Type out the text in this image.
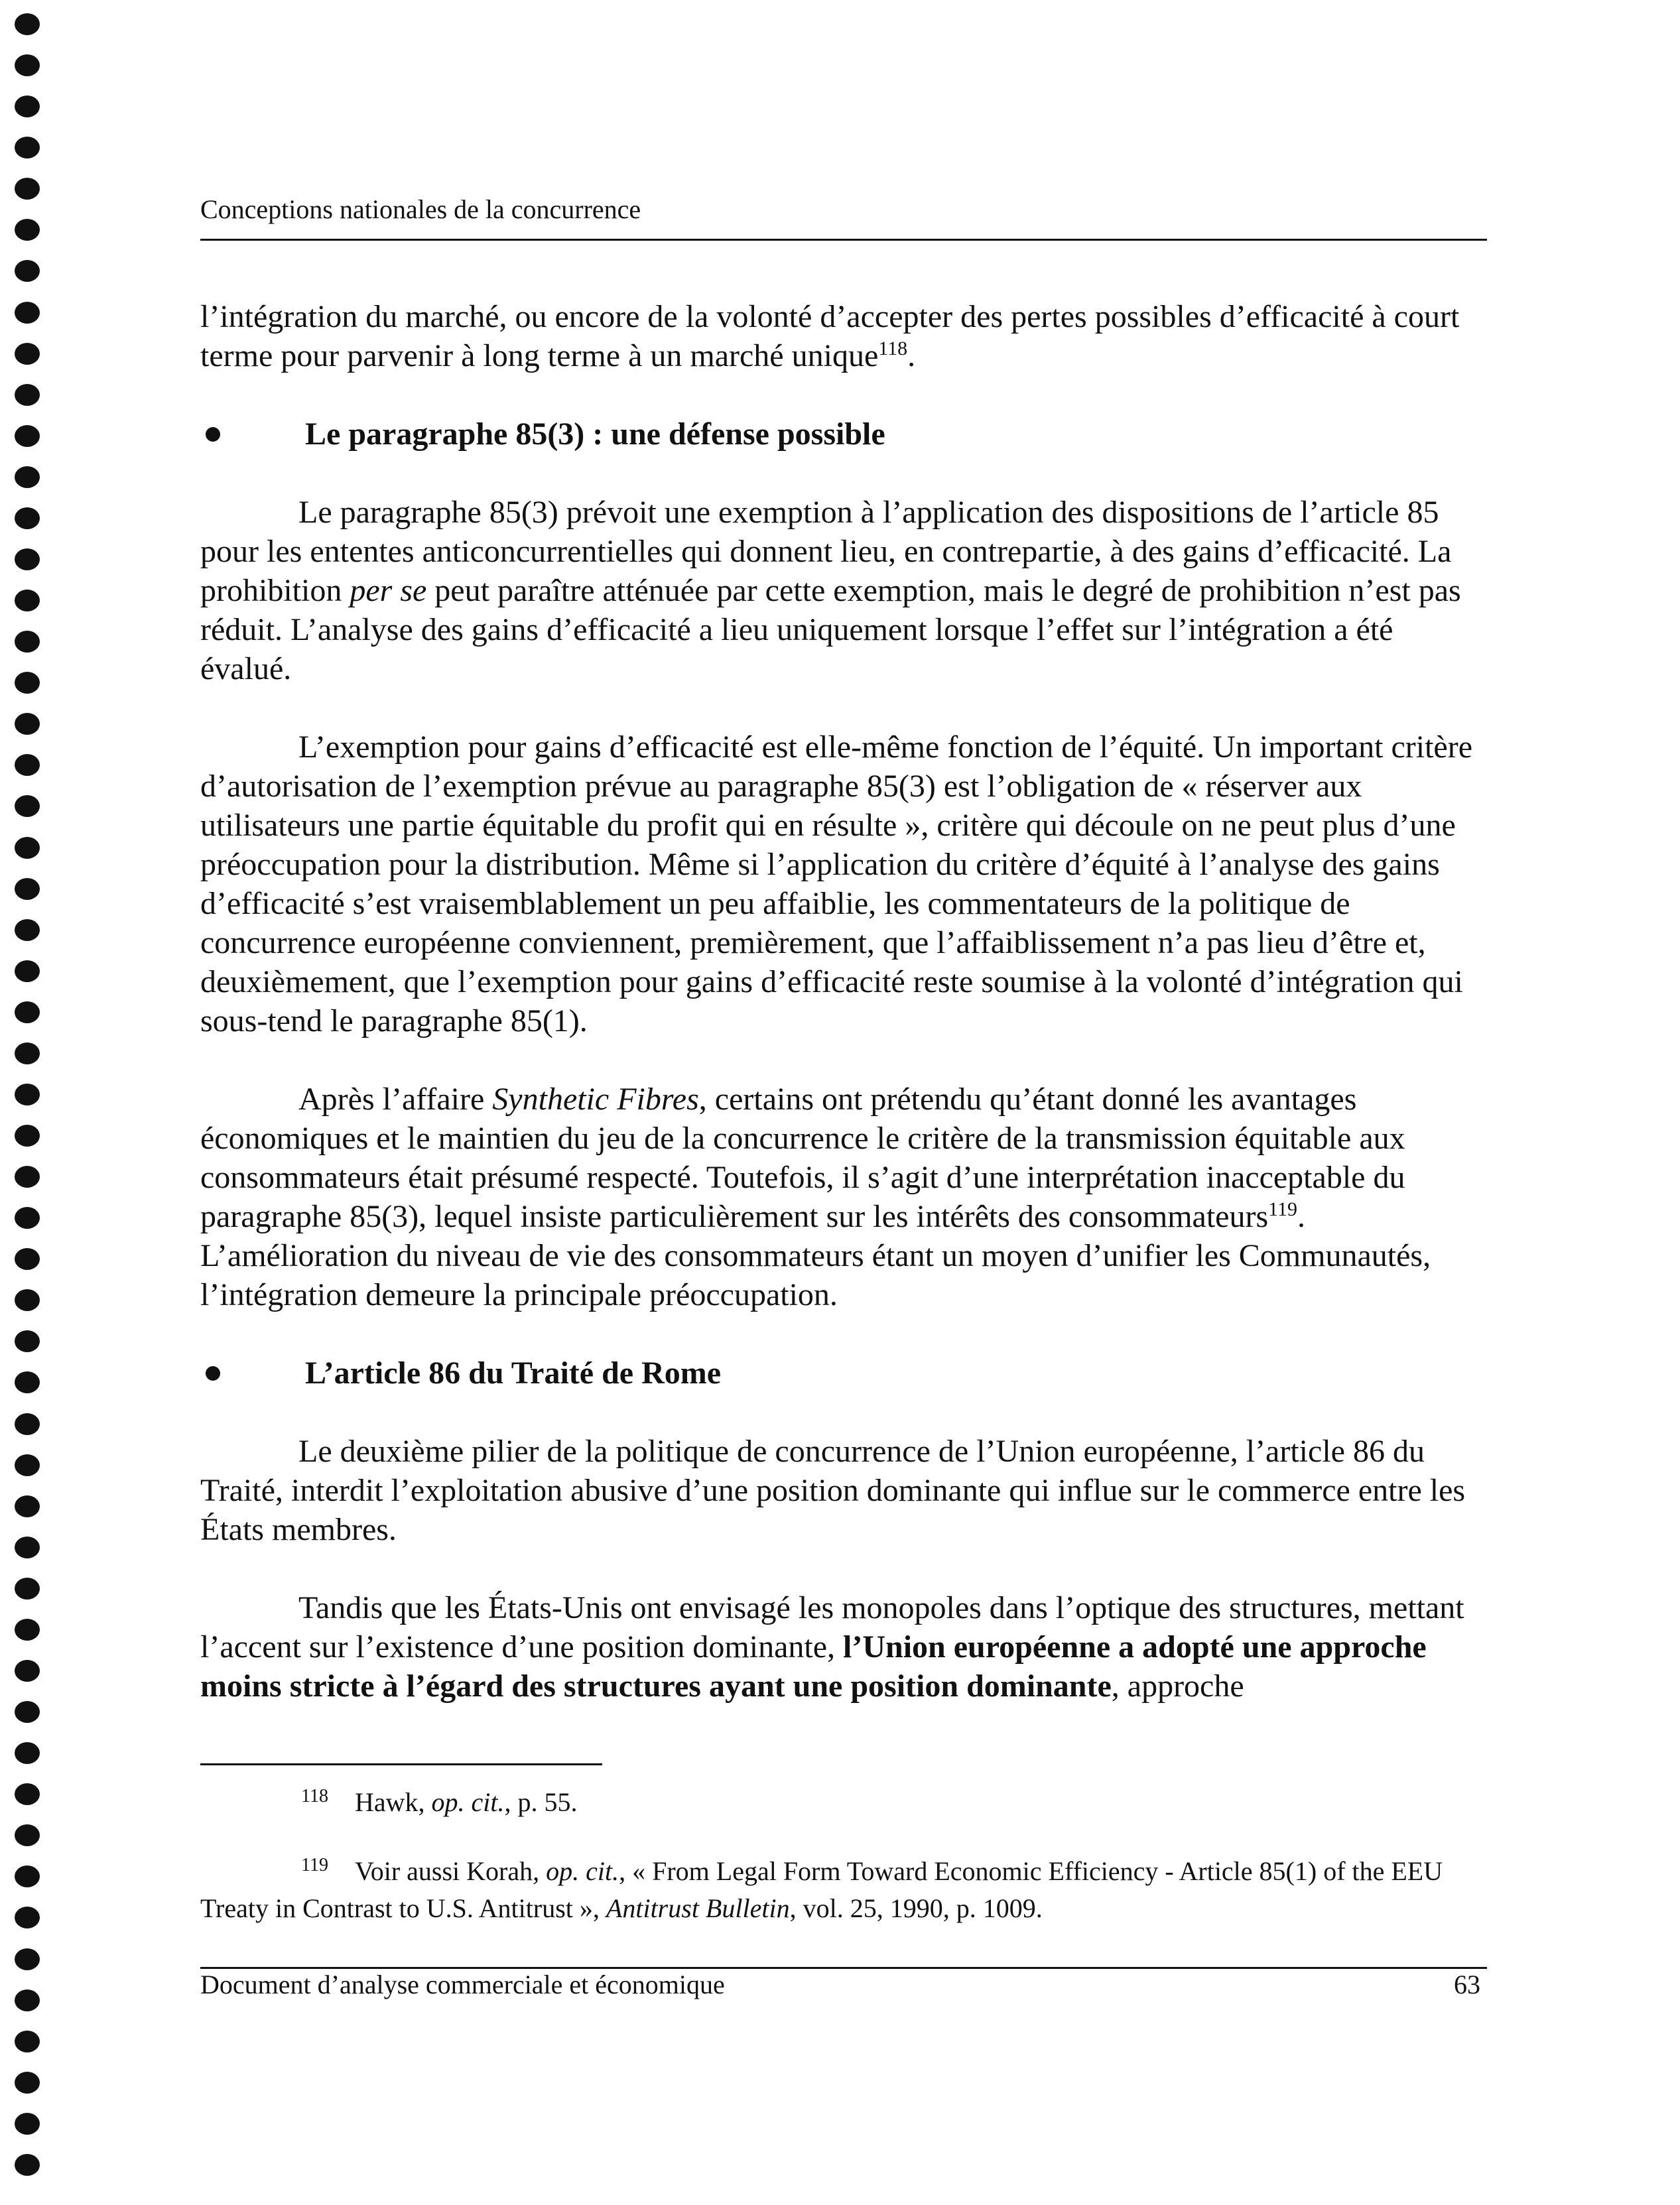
Conceptions nationales de la concurrence

l’intégration du marché, ou encore de la volonté d’accepter des pertes possibles d’efficacité à court terme pour parvenir à long terme à un marché unique$^{118}$.

Le paragraphe 85(3) : une défense possible

Le paragraphe 85(3) prévoit une exemption à l’application des dispositions de l’article 85 pour les ententes anticoncurrentielles qui donnent lieu, en contrepartie, à des gains d’efficacité. La prohibition per se peut paraître atténuée par cette exemption, mais le degré de prohibition n’est pas réduit. L’analyse des gains d’efficacité a lieu uniquement lorsque l’effet sur l’intégration a été évalué.

L’exemption pour gains d’efficacité est elle-même fonction de l’équité. Un important critère d’autorisation de l’exemption prévue au paragraphe 85(3) est l’obligation de « réserver aux utilisateurs une partie équitable du profit qui en résulte », critère qui découle on ne peut plus d’une préoccupation pour la distribution. Même si l’application du critère d’équité à l’analyse des gains d’efficacité s’est vraisemblablement un peu affaiblie, les commentateurs de la politique de concurrence européenne conviennent, premièrement, que l’affaiblissement n’a pas lieu d’être et, deuxièmement, que l’exemption pour gains d’efficacité reste soumise à la volonté d’intégration qui sous-tend le paragraphe 85(1).

Après l’affaire Synthetic Fibres, certains ont prétendu qu’étant donné les avantages économiques et le maintien du jeu de la concurrence le critère de la transmission équitable aux consommateurs était présumé respecté. Toutefois, il s’agit d’une interprétation inacceptable du paragraphe 85(3), lequel insiste particulièrement sur les intérêts des consommateurs$^{119}$. L’amélioration du niveau de vie des consommateurs étant un moyen d’unifier les Communautés, l’intégration demeure la principale préoccupation.

L’article 86 du Traité de Rome

Le deuxième pilier de la politique de concurrence de l’Union européenne, l’article 86 du Traité, interdit l’exploitation abusive d’une position dominante qui influe sur le commerce entre les États membres.

Tandis que les États-Unis ont envisagé les monopoles dans l’optique des structures, mettant l’accent sur l’existence d’une position dominante, l’Union européenne a adopté une approche moins stricte à l’égard des structures ayant une position dominante, approche

$^{118}$ Hawk, op. cit., p. 55.

$^{119}$ Voir aussi Korah, op. cit., « From Legal Form Toward Economic Efficiency - Article 85(1) of the EEU Treaty in Contrast to U.S. Antitrust », Antitrust Bulletin, vol. 25, 1990, p. 1009.

Document d’analyse commerciale et économique	63
